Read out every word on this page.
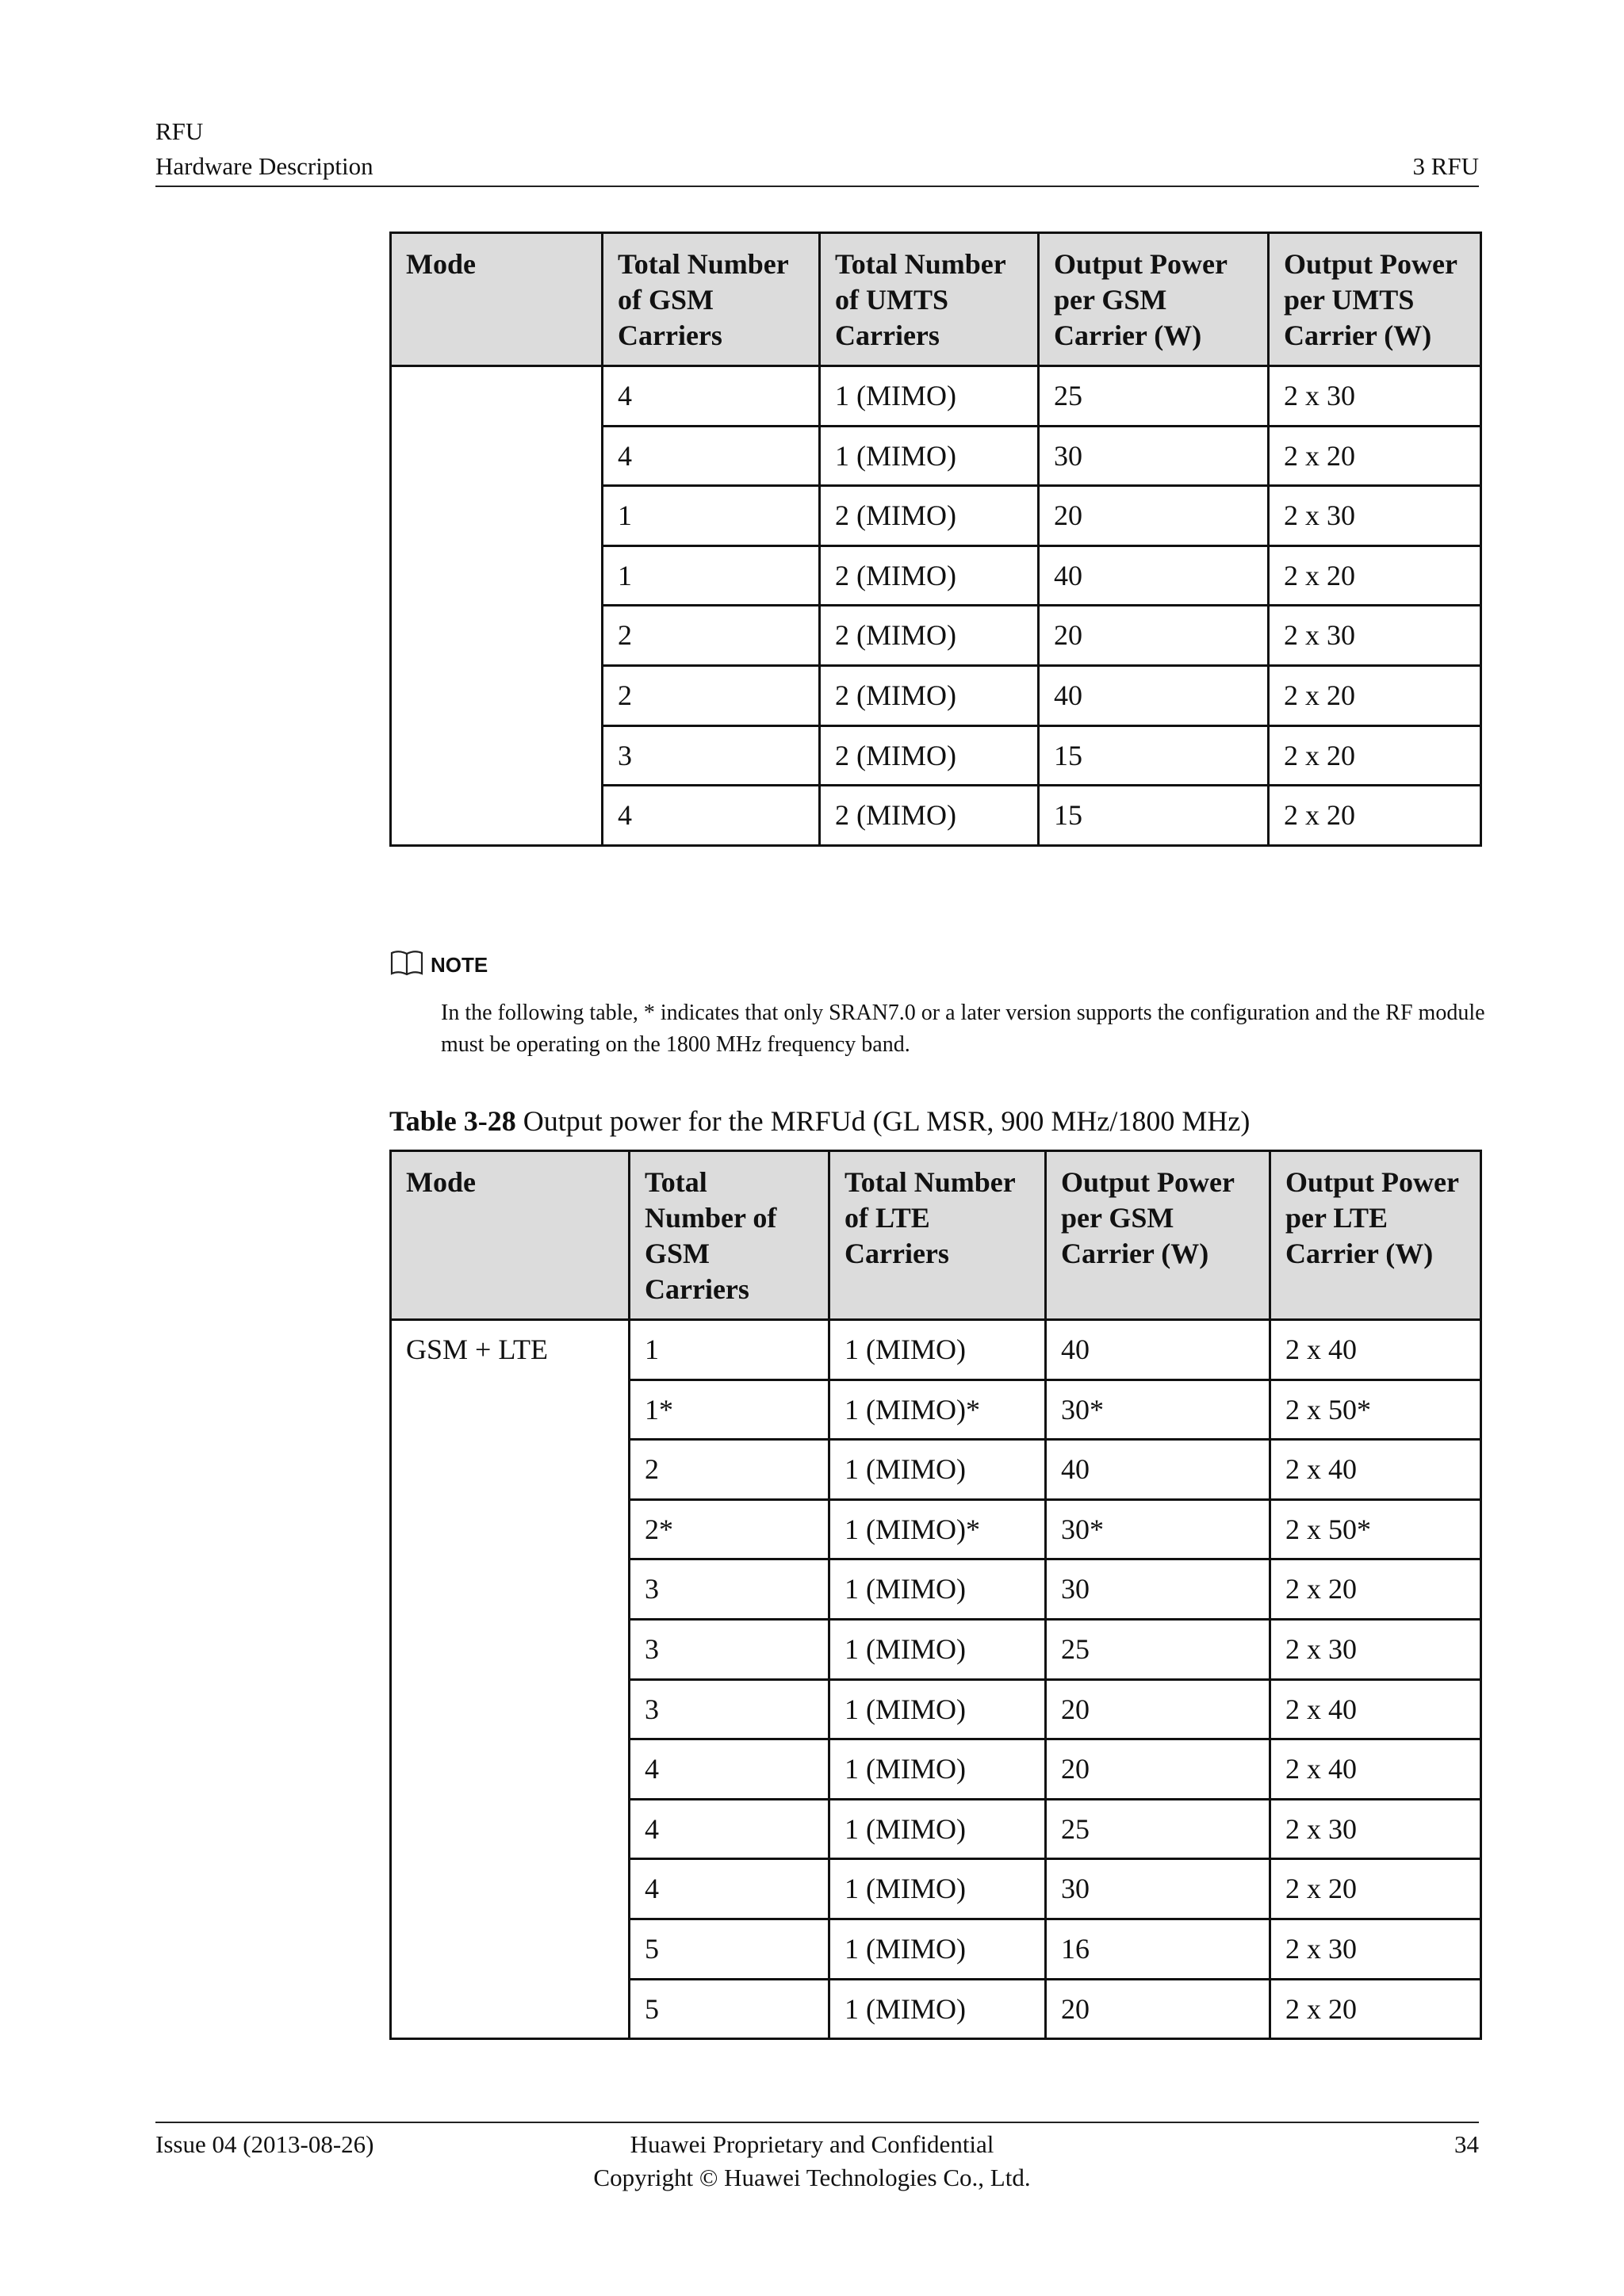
RFU
Hardware Description	3 RFU
Mode	Total Number of GSM Carriers	Total Number of UMTS Carriers	Output Power per GSM Carrier (W)	Output Power per UMTS Carrier (W)
	4	1 (MIMO)	25	2 x 30
	4	1 (MIMO)	30	2 x 20
	1	2 (MIMO)	20	2 x 30
	1	2 (MIMO)	40	2 x 20
	2	2 (MIMO)	20	2 x 30
	2	2 (MIMO)	40	2 x 20
	3	2 (MIMO)	15	2 x 20
	4	2 (MIMO)	15	2 x 20
NOTE
In the following table, * indicates that only SRAN7.0 or a later version supports the configuration and the RF module must be operating on the 1800 MHz frequency band.
Table 3-28 Output power for the MRFUd (GL MSR, 900 MHz/1800 MHz)
Mode	Total Number of GSM Carriers	Total Number of LTE Carriers	Output Power per GSM Carrier (W)	Output Power per LTE Carrier (W)
GSM + LTE	1	1 (MIMO)	40	2 x 40
	1*	1 (MIMO)*	30*	2 x 50*
	2	1 (MIMO)	40	2 x 40
	2*	1 (MIMO)*	30*	2 x 50*
	3	1 (MIMO)	30	2 x 20
	3	1 (MIMO)	25	2 x 30
	3	1 (MIMO)	20	2 x 40
	4	1 (MIMO)	20	2 x 40
	4	1 (MIMO)	25	2 x 30
	4	1 (MIMO)	30	2 x 20
	5	1 (MIMO)	16	2 x 30
	5	1 (MIMO)	20	2 x 20
Issue 04 (2013-08-26)	Huawei Proprietary and Confidential
Copyright © Huawei Technologies Co., Ltd.
34
